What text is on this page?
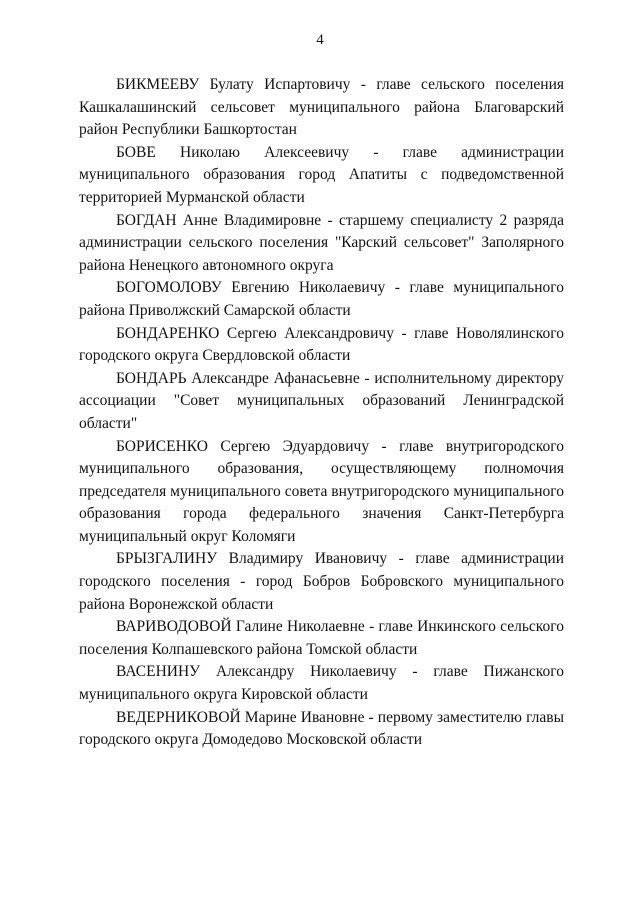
4

БИКМЕЕВУ Булату Испартовичу - главе сельского поселения Кашкалашинский сельсовет муниципального района Благоварский район Республики Башкортостан

БОВЕ Николаю Алексеевичу - главе администрации муниципального образования город Апатиты с подведомственной территорией Мурманской области

БОГДАН Анне Владимировне - старшему специалисту 2 разряда администрации сельского поселения "Карский сельсовет" Заполярного района Ненецкого автономного округа

БОГОМОЛОВУ Евгению Николаевичу - главе муниципального района Приволжский Самарской области

БОНДАРЕНКО Сергею Александровичу - главе Новолялинского городского округа Свердловской области

БОНДАРЬ Александре Афанасьевне - исполнительному директору ассоциации "Совет муниципальных образований Ленинградской области"

БОРИСЕНКО Сергею Эдуардовичу - главе внутригородского муниципального образования, осуществляющему полномочия председателя муниципального совета внутригородского муниципального образования города федерального значения Санкт-Петербурга муниципальный округ Коломяги

БРЫЗГАЛИНУ Владимиру Ивановичу - главе администрации городского поселения - город Бобров Бобровского муниципального района Воронежской области

ВАРИВОДОВОЙ Галине Николаевне - главе Инкинского сельского поселения Колпашевского района Томской области

ВАСЕНИНУ Александру Николаевичу - главе Пижанского муниципального округа Кировской области

ВЕДЕРНИКОВОЙ Марине Ивановне - первому заместителю главы городского округа Домодедово Московской области
